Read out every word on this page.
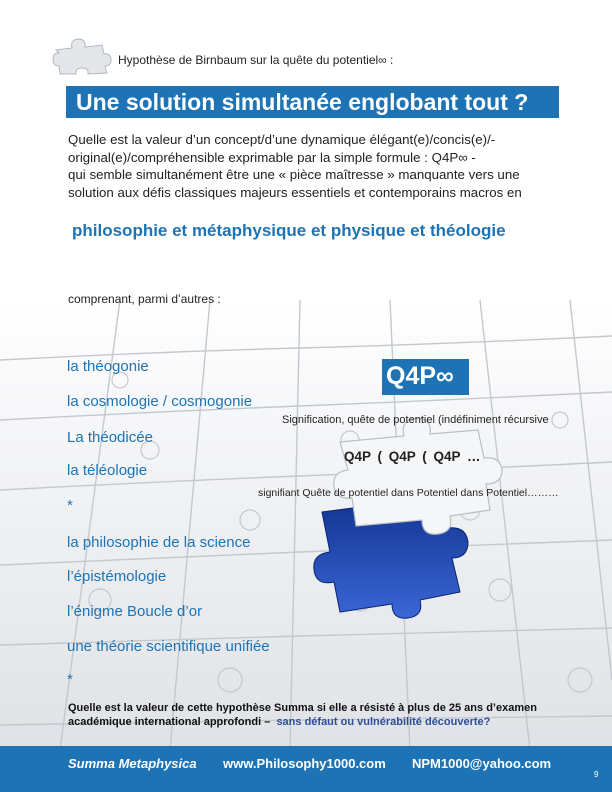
Hypothèse de Birnbaum sur la quête du potentiel∞ :
Une solution simultanée englobant tout ?
Quelle est la valeur d’un concept/d’une dynamique élégant(e)/concis(e)/-
original(e)/compréhensible exprimable par la simple formule : Q4P∞ -
qui semble simultanément être une « pièce maîtresse » manquante vers une
solution aux défis classiques majeurs essentiels et contemporains macros en
philosophie et métaphysique et physique et théologie
comprenant, parmi d’autres :
la théogonie
la cosmologie / cosmogonie
La théodicée
la téléologie
*
la philosophie de la science
l’épistémologie
l’énigme Boucle d’or
une théorie scientifique unifiée
*
Q4P∞
Signification, quête de potentiel (indéfiniment récursive
Q4P ( Q4P ( Q4P …
signifiant Quête de potentiel dans Potentiel dans Potentiel………
Quelle est la valeur de cette hypothèse Summa si elle a résisté à plus de 25 ans d’examen
académique international approfondi – sans défaut ou vulnérabilité découverte?
Summa Metaphysica www.Philosophy1000.com NPM1000@yahoo.com
9
